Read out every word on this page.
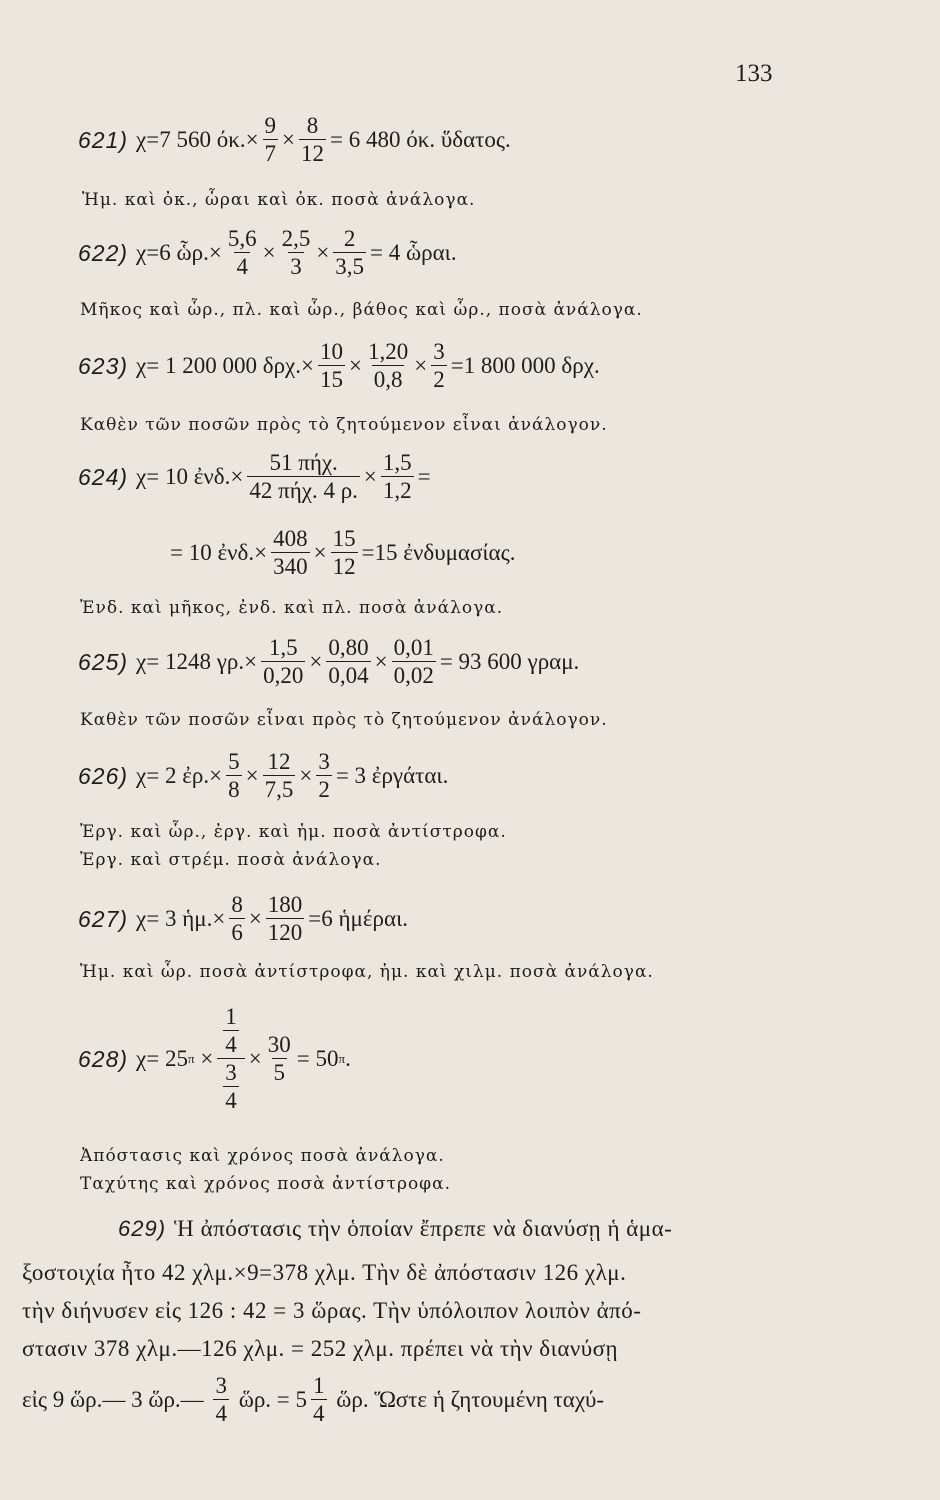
133
621) χ=7 560 $ό\kappa.\times \frac{9}{7} \times \frac{8}{12} = 6$ 480 όκ. ὕδατος.
Ἡμ. καὶ ὀκ., ὧραι καὶ ὀκ. ποσὰ ἀνάλογα.
622) χ=6 ὧρ.× $\frac{5,6}{4} \times \frac{2,5}{3} \times \frac{2}{3,5} = 4$ ὧραι.
Μῆκος καὶ ὧρ., πλ. καὶ ὧρ., βάθος καὶ ὧρ., ποσὰ ἀνάλογα.
623) χ= 1 200 000 $\delta\rho\chi.\times \frac{10}{15} \times \frac{1,20}{0,8} \times \frac{3}{2} =1$ 800 000 δρχ.
Καθὲν τῶν ποσῶν πρὸς τὸ ζητούμενον εἶναι ἀνάλογον.
624) χ= 10 ἐνδ.× $\frac{\text{51 πήχ.}}{\text{42 πήχ. 4 ρ.}} \times \frac{1,5}{1,2}$ =
= 10 ἐνδ.× $\frac{408}{340} \times \frac{15}{12} =15$ ἐνδυμασίας.
Ἐνδ. καὶ μῆκος, ἐνδ. καὶ πλ. ποσὰ ἀνάλογα.
625) χ= 1248 $\gamma\rho.\times \frac{1,5}{0,20} \times \frac{0,80}{0,04} \times \frac{0,01}{0,02} = 93$ 600 γραμ.
Καθὲν τῶν ποσῶν εἶναι πρὸς τὸ ζητούμενον ἀνάλογον.
626) χ= 2 ἐρ.× $\frac{5}{8} \times \frac{12}{7,5} \times \frac{3}{2} = 3$ ἐργάται.
Ἐργ. καὶ ὧρ., ἐργ. καὶ ἡμ. ποσὰ ἀντίστροφα.
Ἐργ. καὶ στρέμ. ποσὰ ἀνάλογα.
627) χ= 3 ἡμ.× $\frac{8}{6} \times \frac{180}{120} =6$ ἡμέραι.
Ἡμ. καὶ ὧρ. ποσὰ ἀντίστροφα, ἡμ. καὶ χιλμ. ποσὰ ἀνάλογα.
628) χ= 25 $\pi \times \frac{\frac{1}{4}}{\frac{3}{4}} \times \frac{30}{5} = 50$ π .
Ἀπόστασις καὶ χρόνος ποσὰ ἀνάλογα.
Ταχύτης καὶ χρόνος ποσὰ ἀντίστροφα.
629) Ἡ ἀπόστασις τὴν ὁποίαν ἔπρεπε νὰ διανύσῃ ἡ ἁμα-
ξοστοιχία ἦτο 42 χλμ.×9=378 χλμ. Τὴν δὲ ἀπόστασιν 126 χλμ.
τὴν διήνυσεν εἰς 126 : 42 = 3 ὥρας. Τὴν ὑπόλοιπον λοιπὸν ἀπό-
στασιν 378 χλμ.—126 χλμ. = 252 χλμ. πρέπει νὰ τὴν διανύσῃ
εἰς 9 ὥρ.— 3 ὥρ.— $\frac{3}{4}$ ὥρ. = $5 \frac{1}{4}$ ὥρ. Ὥστε ἡ ζητουμένη ταχύ-
